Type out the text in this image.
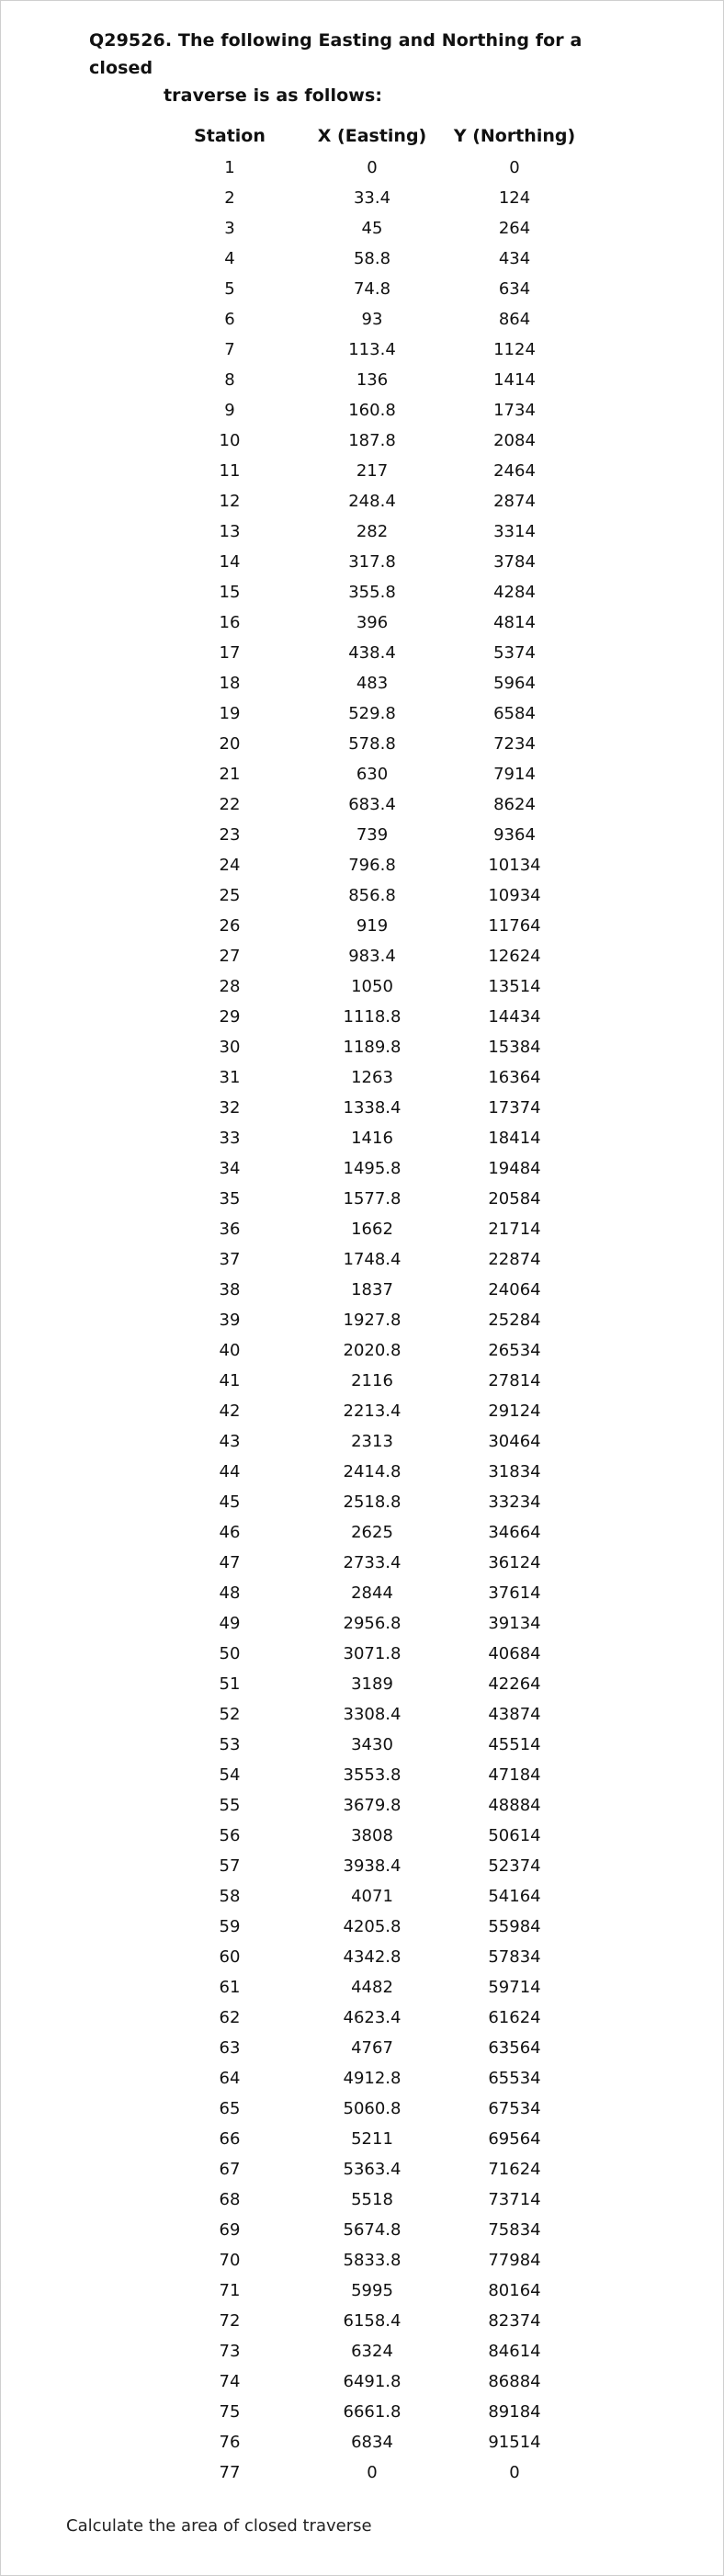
Q29526. The following Easting and Northing for a closed
traverse is as follows:
Station	X (Easting)	Y (Northing)
1	0	0
2	33.4	124
3	45	264
4	58.8	434
5	74.8	634
6	93	864
7	113.4	1124
8	136	1414
9	160.8	1734
10	187.8	2084
11	217	2464
12	248.4	2874
13	282	3314
14	317.8	3784
15	355.8	4284
16	396	4814
17	438.4	5374
18	483	5964
19	529.8	6584
20	578.8	7234
21	630	7914
22	683.4	8624
23	739	9364
24	796.8	10134
25	856.8	10934
26	919	11764
27	983.4	12624
28	1050	13514
29	1118.8	14434
30	1189.8	15384
31	1263	16364
32	1338.4	17374
33	1416	18414
34	1495.8	19484
35	1577.8	20584
36	1662	21714
37	1748.4	22874
38	1837	24064
39	1927.8	25284
40	2020.8	26534
41	2116	27814
42	2213.4	29124
43	2313	30464
44	2414.8	31834
45	2518.8	33234
46	2625	34664
47	2733.4	36124
48	2844	37614
49	2956.8	39134
50	3071.8	40684
51	3189	42264
52	3308.4	43874
53	3430	45514
54	3553.8	47184
55	3679.8	48884
56	3808	50614
57	3938.4	52374
58	4071	54164
59	4205.8	55984
60	4342.8	57834
61	4482	59714
62	4623.4	61624
63	4767	63564
64	4912.8	65534
65	5060.8	67534
66	5211	69564
67	5363.4	71624
68	5518	73714
69	5674.8	75834
70	5833.8	77984
71	5995	80164
72	6158.4	82374
73	6324	84614
74	6491.8	86884
75	6661.8	89184
76	6834	91514
77	0	0
Calculate the area of closed traverse
